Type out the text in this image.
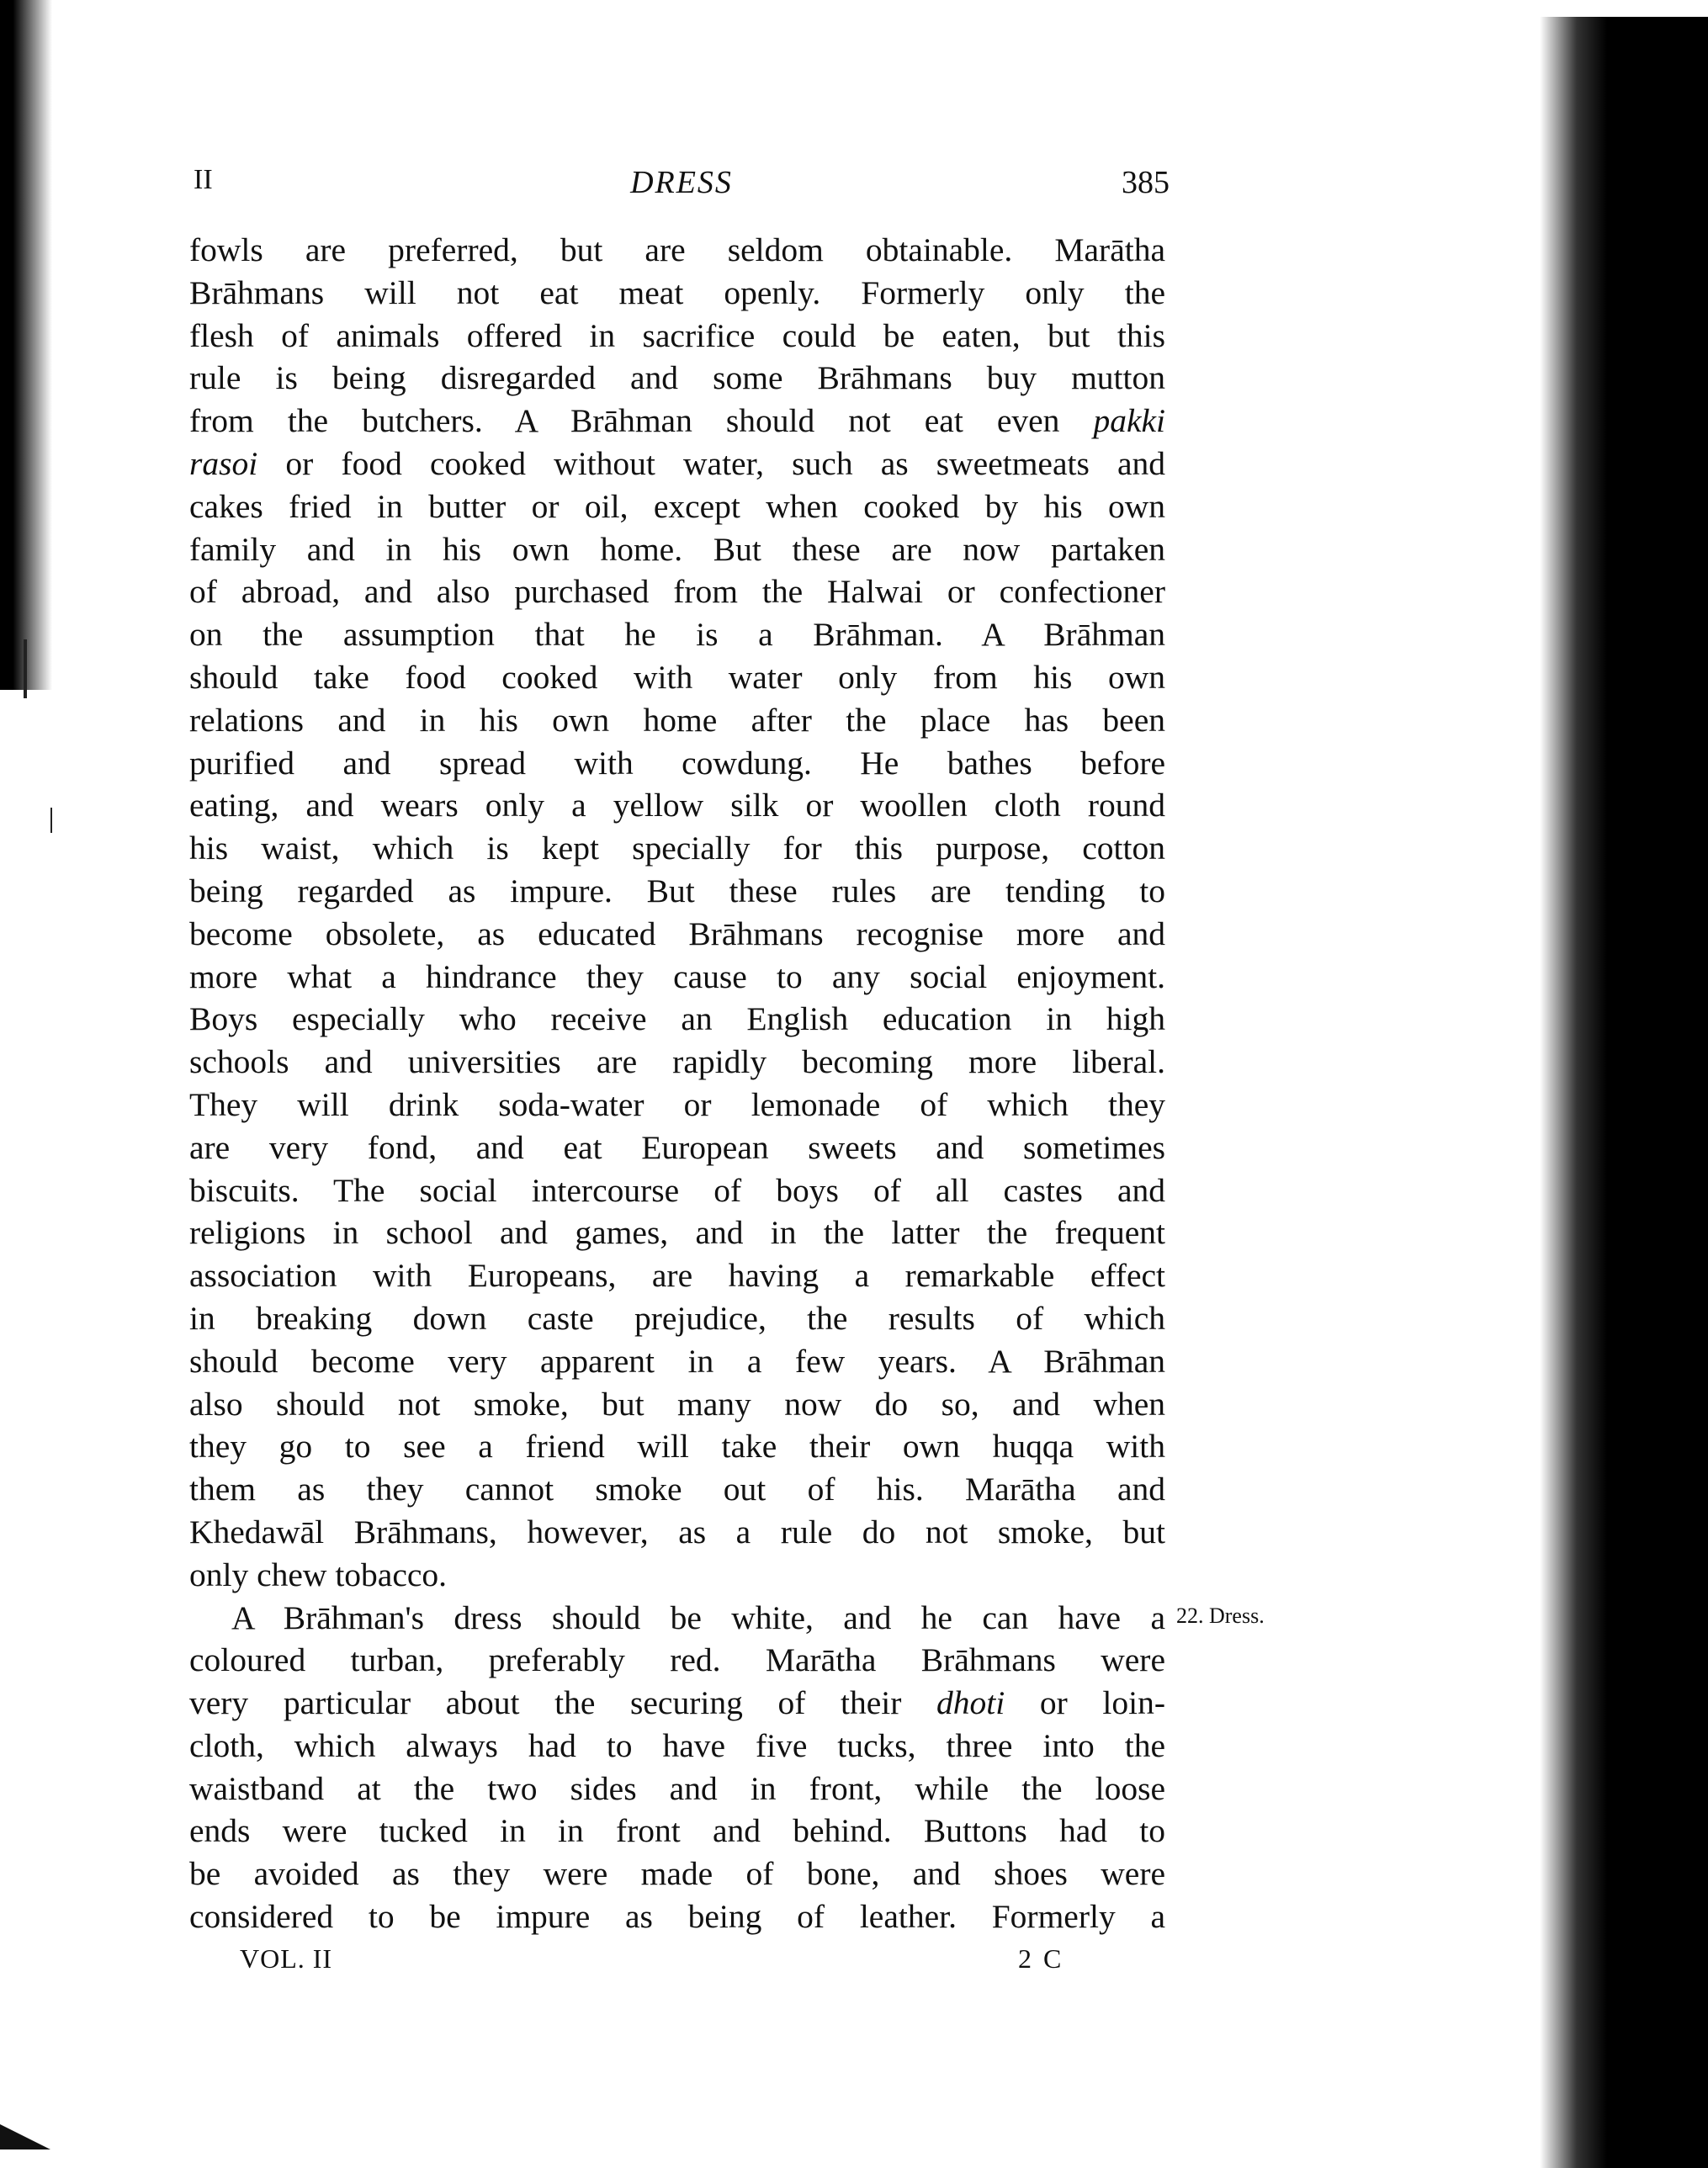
II	DRESS	385
fowls are preferred, but are seldom obtainable. Marātha
Brāhmans will not eat meat openly. Formerly only the
flesh of animals offered in sacrifice could be eaten, but this
rule is being disregarded and some Brāhmans buy mutton
from the butchers. A Brāhman should not eat even pakki
rasoi or food cooked without water, such as sweetmeats and
cakes fried in butter or oil, except when cooked by his own
family and in his own home. But these are now partaken
of abroad, and also purchased from the Halwai or confectioner
on the assumption that he is a Brāhman. A Brāhman
should take food cooked with water only from his own
relations and in his own home after the place has been
purified and spread with cowdung. He bathes before
eating, and wears only a yellow silk or woollen cloth round
his waist, which is kept specially for this purpose, cotton
being regarded as impure. But these rules are tending to
become obsolete, as educated Brāhmans recognise more and
more what a hindrance they cause to any social enjoyment.
Boys especially who receive an English education in high
schools and universities are rapidly becoming more liberal.
They will drink soda-water or lemonade of which they
are very fond, and eat European sweets and sometimes
biscuits. The social intercourse of boys of all castes and
religions in school and games, and in the latter the frequent
association with Europeans, are having a remarkable effect
in breaking down caste prejudice, the results of which
should become very apparent in a few years. A Brāhman
also should not smoke, but many now do so, and when
they go to see a friend will take their own huqqa with
them as they cannot smoke out of his. Marātha and
Khedawāl Brāhmans, however, as a rule do not smoke, but
only chew tobacco.
A Brāhman's dress should be white, and he can have a
coloured turban, preferably red. Marātha Brāhmans were
very particular about the securing of their dhoti or loin-
cloth, which always had to have five tucks, three into the
waistband at the two sides and in front, while the loose
ends were tucked in in front and behind. Buttons had to
be avoided as they were made of bone, and shoes were
considered to be impure as being of leather. Formerly a
22. Dress.
VOL. II	2 C
